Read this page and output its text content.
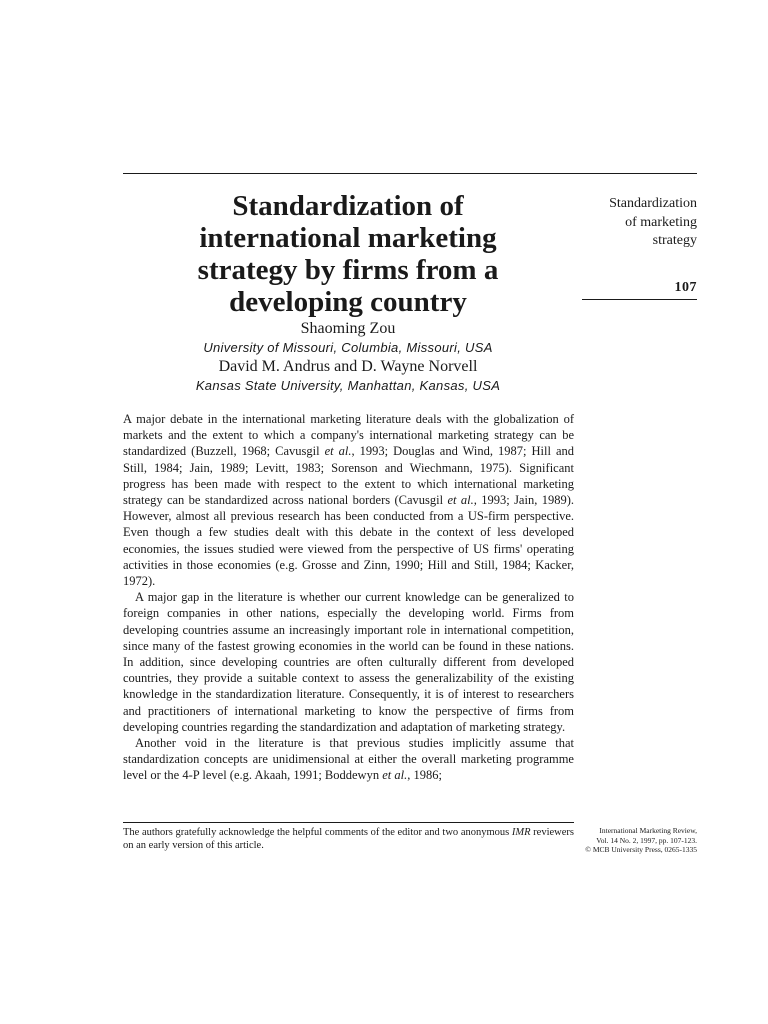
Standardization of
international marketing
strategy by firms from a
developing country

Shaoming Zou

University of Missouri, Columbia, Missouri, USA

David M. Andrus and D. Wayne Norvell

Kansas State University, Manhattan, Kansas, USA

Standardization
of marketing
strategy
107

A major debate in the international marketing literature deals with the globalization of markets and the extent to which a company's international marketing strategy can be standardized (Buzzell, 1968; Cavusgil et al., 1993; Douglas and Wind, 1987; Hill and Still, 1984; Jain, 1989; Levitt, 1983; Sorenson and Wiechmann, 1975). Significant progress has been made with respect to the extent to which international marketing strategy can be standardized across national borders (Cavusgil et al., 1993; Jain, 1989). However, almost all previous research has been conducted from a US-firm perspective. Even though a few studies dealt with this debate in the context of less developed economies, the issues studied were viewed from the perspective of US firms' operating activities in those economies (e.g. Grosse and Zinn, 1990; Hill and Still, 1984; Kacker, 1972).

A major gap in the literature is whether our current knowledge can be generalized to foreign companies in other nations, especially the developing world. Firms from developing countries assume an increasingly important role in international competition, since many of the fastest growing economies in the world can be found in these nations. In addition, since developing countries are often culturally different from developed countries, they provide a suitable context to assess the generalizability of the existing knowledge in the standardization literature. Consequently, it is of interest to researchers and practitioners of international marketing to know the perspective of firms from developing countries regarding the standardization and adaptation of marketing strategy.

Another void in the literature is that previous studies implicitly assume that standardization concepts are unidimensional at either the overall marketing programme level or the 4-P level (e.g. Akaah, 1991; Boddewyn et al., 1986;

The authors gratefully acknowledge the helpful comments of the editor and two anonymous IMR reviewers on an early version of this article.

International Marketing Review,
Vol. 14 No. 2, 1997, pp. 107-123.
© MCB University Press, 0265-1335
